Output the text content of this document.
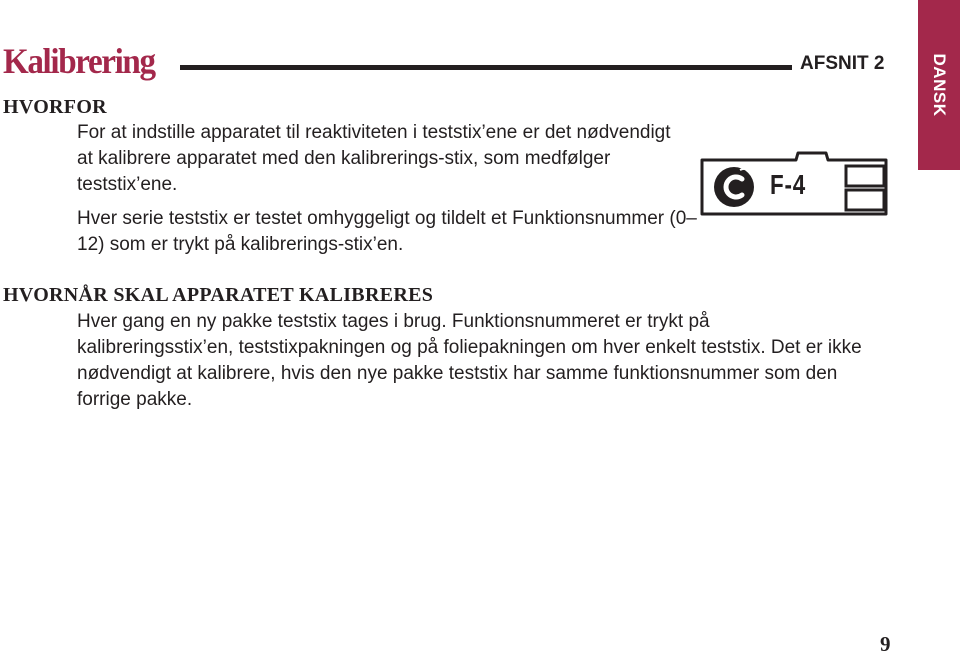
Kalibrering	AFSNIT 2	DANSK
HVORFOR

For at indstille apparatet til reaktiviteten i teststix’ene er det nødvendigt at kalibrere apparatet med den kalibrerings-stix, som medfølger teststix’ene.

Hver serie teststix er testet omhyggeligt og tildelt et Funktionsnummer (0–12) som er trykt på kalibrerings-stix’en.

F-4
HVORNÅR SKAL APPARATET KALIBRERES

Hver gang en ny pakke teststix tages i brug. Funktionsnummeret er trykt på kalibreringsstix’en, teststixpakningen og på foliepakningen om hver enkelt teststix. Det er ikke nødvendigt at kalibrere, hvis den nye pakke teststix har samme funktionsnummer som den forrige pakke.

9
